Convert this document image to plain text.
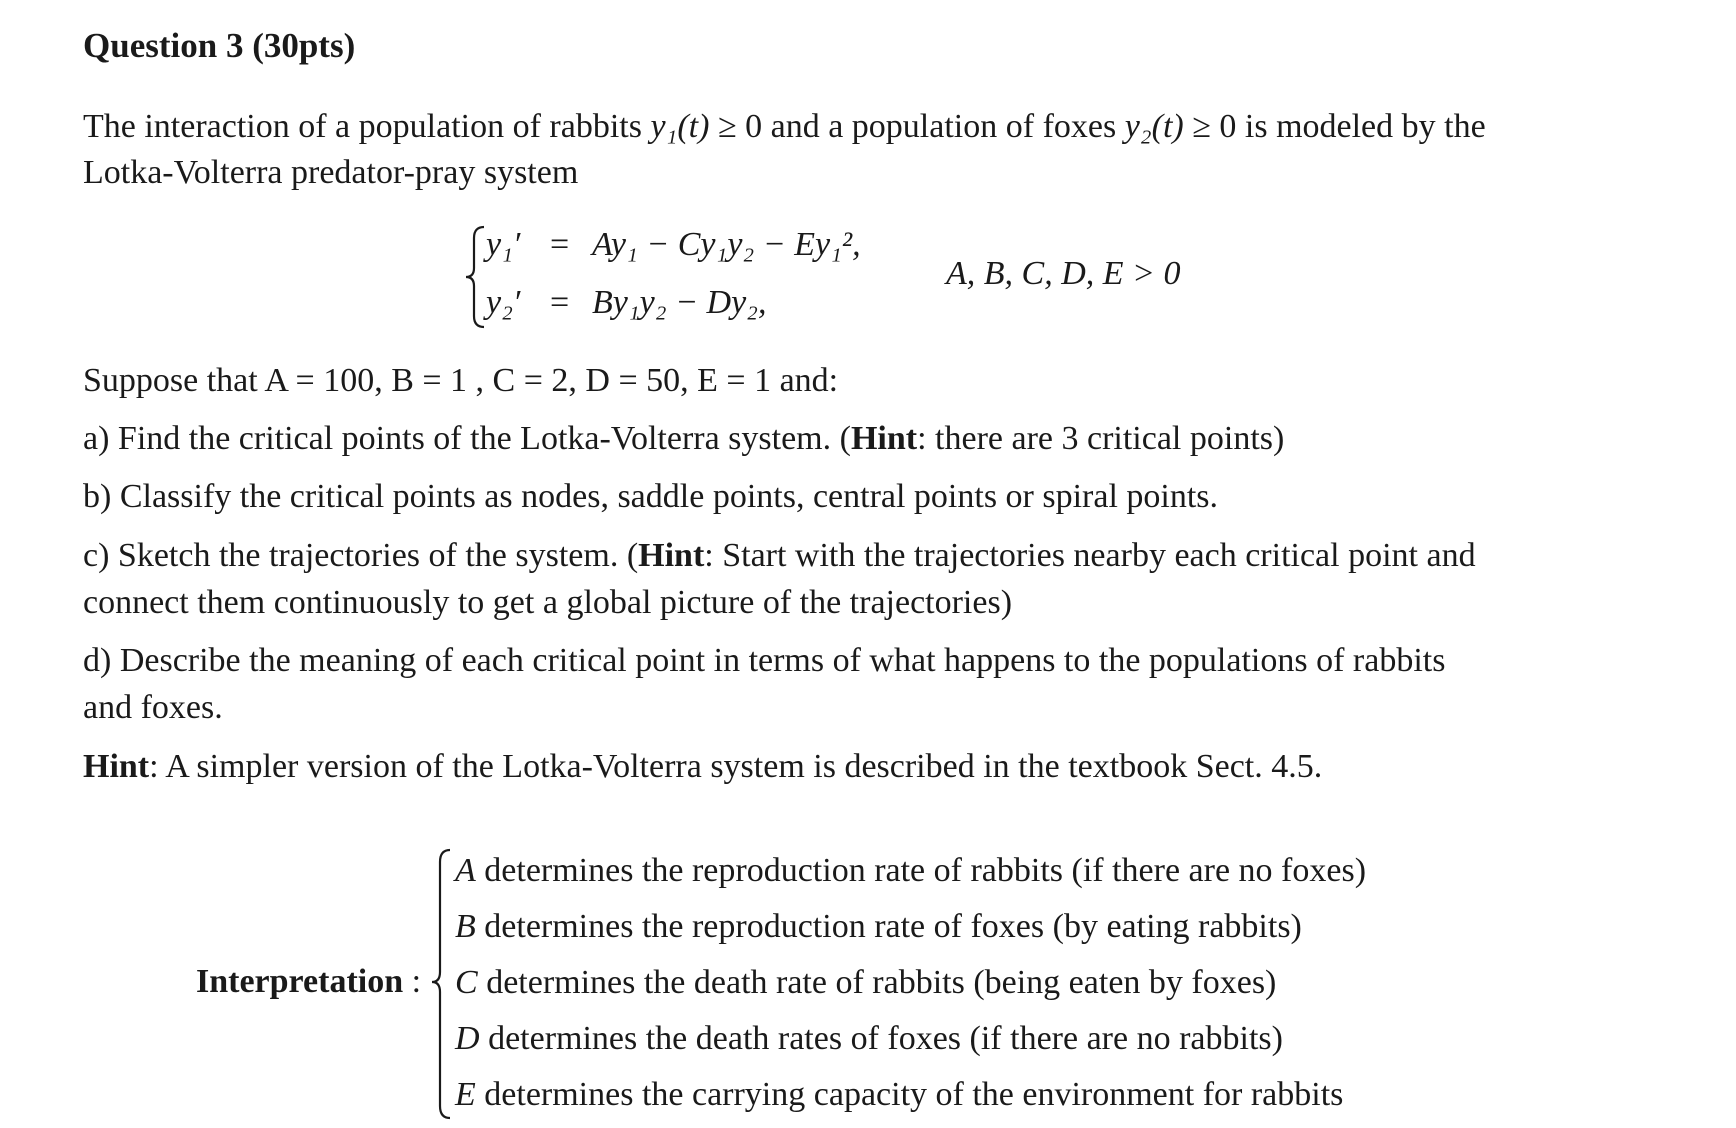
Question 3 (30pts)
The interaction of a population of rabbits y₁(t) ≥ 0 and a population of foxes y₂(t) ≥ 0 is modeled by the
Lotka-Volterra predator-pray system
y₁′ = Ay₁ − Cy₁y₂ − Ey₁²,
y₂′ = By₁y₂ − Dy₂,
A, B, C, D, E > 0
Suppose that A = 100, B = 1 , C = 2, D = 50, E = 1 and:
a) Find the critical points of the Lotka-Volterra system. (Hint: there are 3 critical points)
b) Classify the critical points as nodes, saddle points, central points or spiral points.
c) Sketch the trajectories of the system. (Hint: Start with the trajectories nearby each critical point and
connect them continuously to get a global picture of the trajectories)
d) Describe the meaning of each critical point in terms of what happens to the populations of rabbits
and foxes.
Hint: A simpler version of the Lotka-Volterra system is described in the textbook Sect. 4.5.
Interpretation :
A determines the reproduction rate of rabbits (if there are no foxes)
B determines the reproduction rate of foxes (by eating rabbits)
C determines the death rate of rabbits (being eaten by foxes)
D determines the death rates of foxes (if there are no rabbits)
E determines the carrying capacity of the environment for rabbits
